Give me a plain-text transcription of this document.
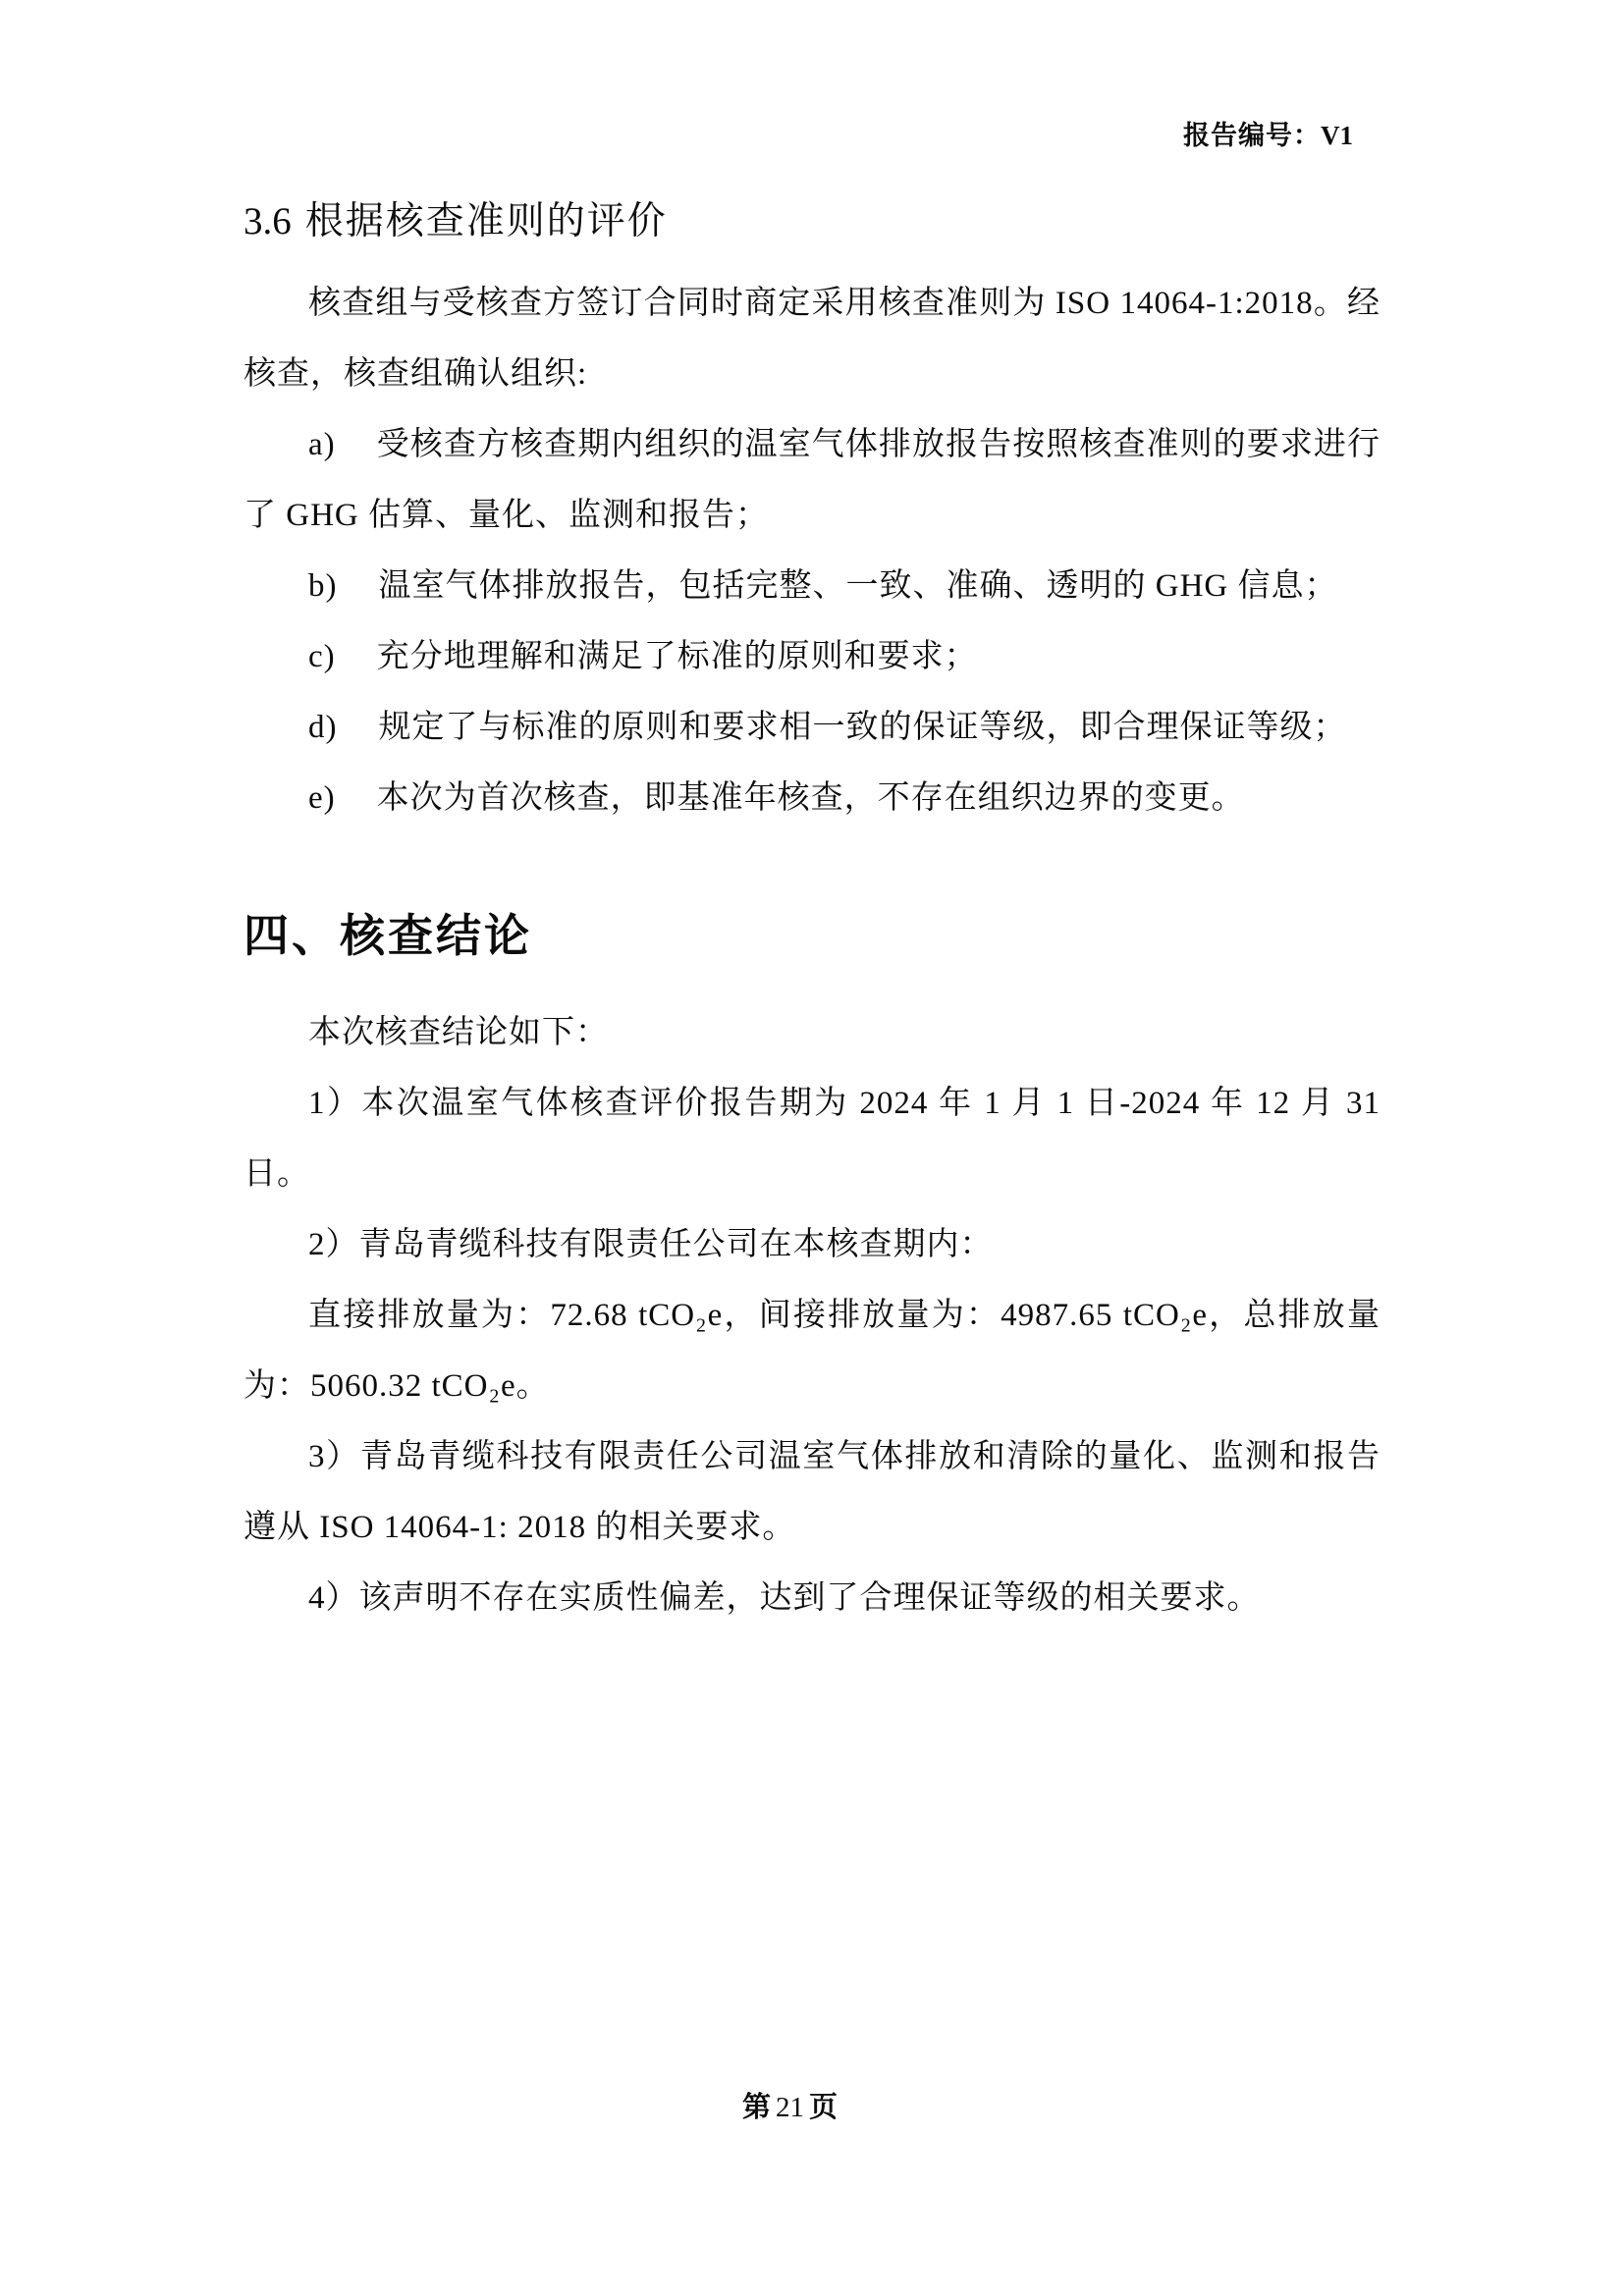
报告编号：V1
3.6 根据核查准则的评价

核查组与受核查方签订合同时商定采用核查准则为 ISO 14064-1:2018。经核查，核查组确认组织:

a) 受核查方核查期内组织的温室气体排放报告按照核查准则的要求进行了 GHG 估算、量化、监测和报告；

b) 温室气体排放报告，包括完整、一致、准确、透明的 GHG 信息；

c) 充分地理解和满足了标准的原则和要求；

d) 规定了与标准的原则和要求相一致的保证等级，即合理保证等级；

e) 本次为首次核查，即基准年核查，不存在组织边界的变更。

四、核查结论

本次核查结论如下：

1）本次温室气体核查评价报告期为 2024 年 1 月 1 日-2024 年 12 月 31 日。

2）青岛青缆科技有限责任公司在本核查期内：

直接排放量为：72.68 tCO₂e，间接排放量为：4987.65 tCO₂e，总排放量为：5060.32 tCO₂e。

3）青岛青缆科技有限责任公司温室气体排放和清除的量化、监测和报告遵从 ISO 14064-1: 2018 的相关要求。

4）该声明不存在实质性偏差，达到了合理保证等级的相关要求。

第 21 页
